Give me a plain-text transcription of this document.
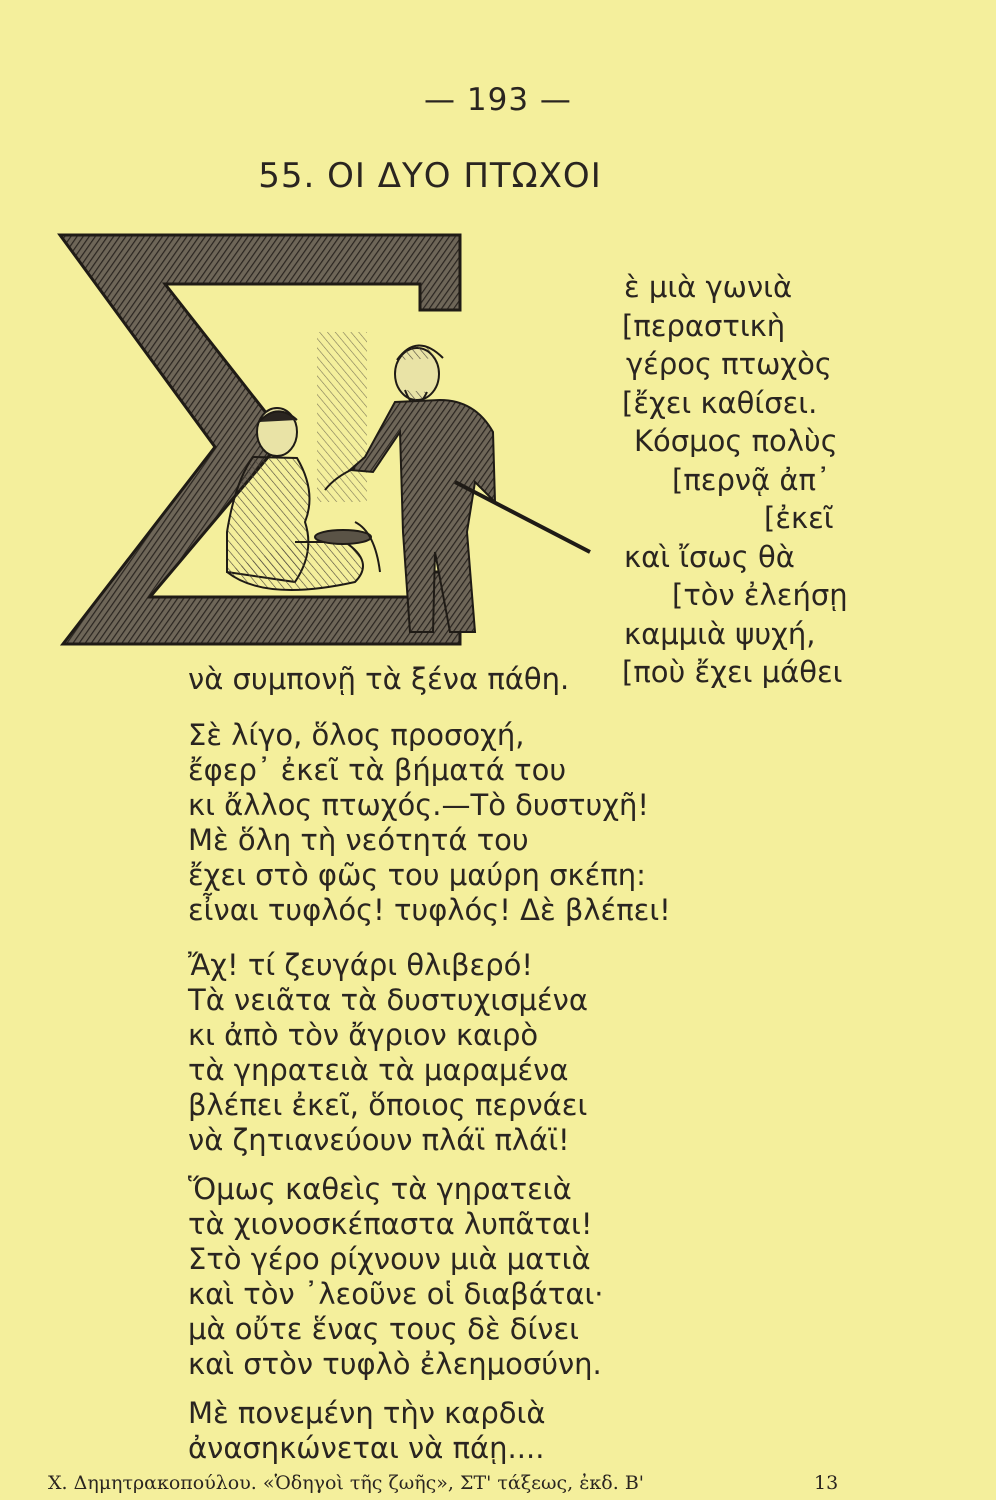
— 193 —
55. ΟΙ ΔΥΟ ΠΤΩΧΟΙ
ὲ μιὰ γωνιὰ
[περαστικὴ
γέρος πτωχὸς
[ἔχει καθίσει.
Κόσμος πολὺς
[περνᾷ ἀπ᾿
[ἐκεῖ
καὶ ἴσως θὰ
[τὸν ἐλεήσῃ
καμμιὰ ψυχή,
[ποὺ ἔχει μάθει
νὰ συμπονῇ τὰ ξένα πάθη.
Σὲ λίγο, ὅλος προσοχή,
ἔφερ᾿ ἐκεῖ τὰ βήματά του
κι ἄλλος πτωχός.—Τὸ δυστυχῆ!
Μὲ ὅλη τὴ νεότητά του
ἔχει στὸ φῶς του μαύρη σκέπη:
εἶναι τυφλός! τυφλός! Δὲ βλέπει!
Ἄχ! τί ζευγάρι θλιβερό!
Τὰ νειᾶτα τὰ δυστυχισμένα
κι ἀπὸ τὸν ἄγριον καιρὸ
τὰ γηρατειὰ τὰ μαραμένα
βλέπει ἐκεῖ, ὅποιος περνάει
νὰ ζητιανεύουν πλάϊ πλάϊ!
Ὅμως καθεὶς τὰ γηρατειὰ
τὰ χιονοσκέπαστα λυπᾶται!
Στὸ γέρο ρίχνουν μιὰ ματιὰ
καὶ τὸν ᾿λεοῦνε οἱ διαβάται·
μὰ οὔτε ἕνας τους δὲ δίνει
καὶ στὸν τυφλὸ ἐλεημοσύνη.
Μὲ πονεμένη τὴν καρδιὰ
ἀνασηκώνεται νὰ πάῃ....
Χ. Δημητρακοπούλου. «Ὁδηγοὶ τῆς ζωῆς», ΣΤ' τάξεως, ἐκδ. Β'	13
